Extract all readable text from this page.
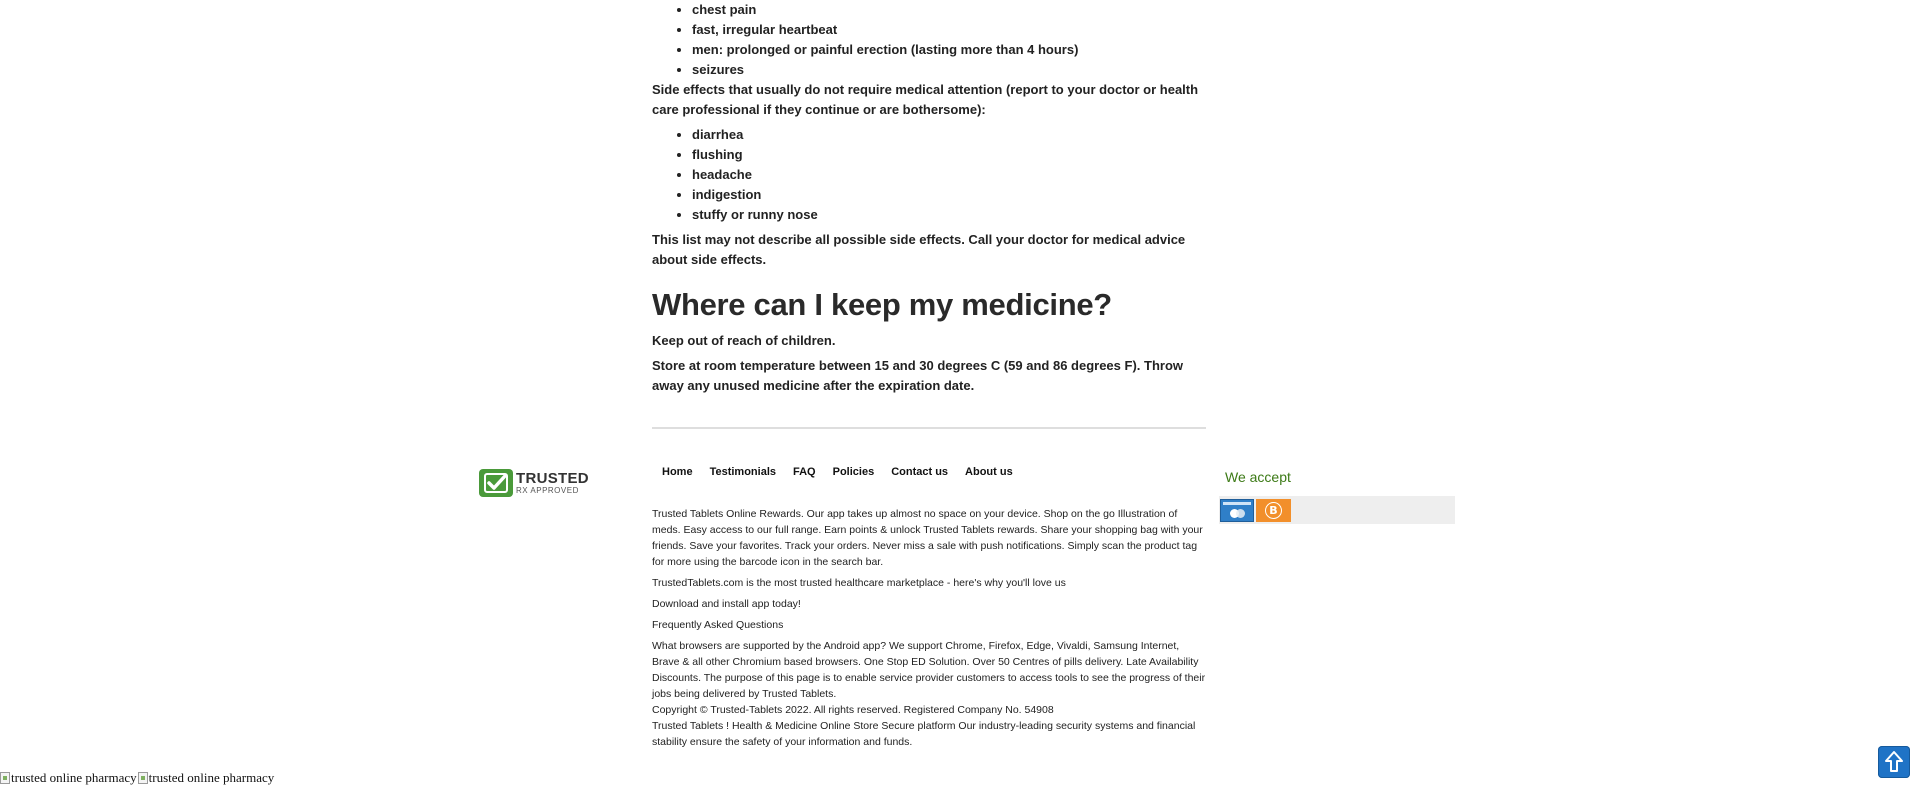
• chest pain
• fast, irregular heartbeat
• men: prolonged or painful erection (lasting more than 4 hours)
• seizures

Side effects that usually do not require medical attention (report to your doctor or health care professional if they continue or are bothersome):

• diarrhea
• flushing
• headache
• indigestion
• stuffy or runny nose

This list may not describe all possible side effects. Call your doctor for medical advice about side effects.

Where can I keep my medicine?

Keep out of reach of children.

Store at room temperature between 15 and 30 degrees C (59 and 86 degrees F). Throw away any unused medicine after the expiration date.

TRUSTED
RX APPROVED
Home Testimonials FAQ Policies Contact us About us

Trusted Tablets Online Rewards. Our app takes up almost no space on your device. Shop on the go Illustration of meds. Easy access to our full range. Earn points & unlock Trusted Tablets rewards. Share your shopping bag with your friends. Save your favorites. Track your orders. Never miss a sale with push notifications. Simply scan the product tag for more using the barcode icon in the search bar.

TrustedTablets.com is the most trusted healthcare marketplace - here's why you'll love us

Download and install app today!

Frequently Asked Questions

What browsers are supported by the Android app? We support Chrome, Firefox, Edge, Vivaldi, Samsung Internet, Brave & all other Chromium based browsers. One Stop ED Solution. Over 50 Centres of pills delivery. Late Availability Discounts. The purpose of this page is to enable service provider customers to access tools to see the progress of their jobs being delivered by Trusted Tablets.

Copyright © Trusted-Tablets 2022. All rights reserved. Registered Company No. 54908

Trusted Tablets ! Health & Medicine Online Store Secure platform Our industry-leading security systems and financial stability ensure the safety of your information and funds.

We accept
B
trusted online pharmacy trusted online pharmacy
